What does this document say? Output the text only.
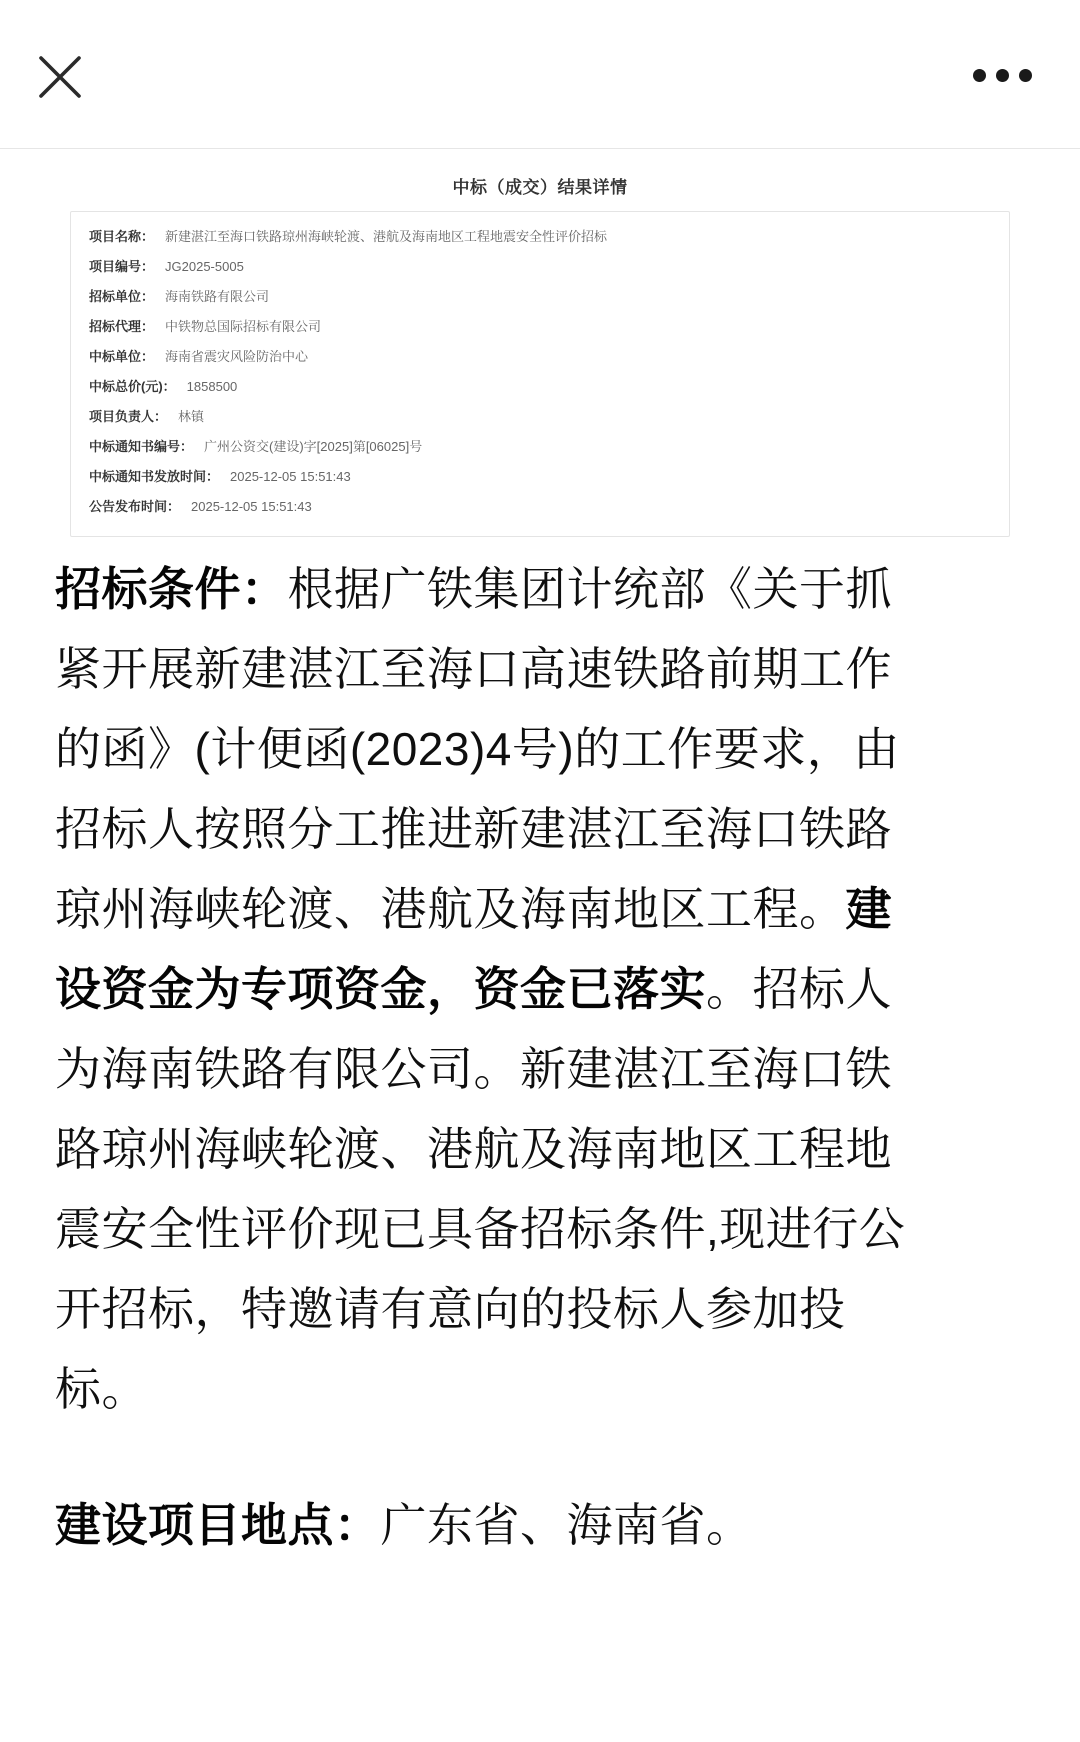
中标（成交）结果详情
项目名称： 新建湛江至海口铁路琼州海峡轮渡、港航及海南地区工程地震安全性评价招标
项目编号： JG2025-5005
招标单位： 海南铁路有限公司
招标代理： 中铁物总国际招标有限公司
中标单位： 海南省震灾风险防治中心
中标总价(元)： 1858500
项目负责人： 林镇
中标通知书编号： 广州公资交(建设)字[2025]第[06025]号
中标通知书发放时间： 2025-12-05 15:51:43
公告发布时间： 2025-12-05 15:51:43

招标条件：根据广铁集团计统部《关于抓紧开展新建湛江至海口高速铁路前期工作的函》(计便函(2023)4号)的工作要求，由招标人按照分工推进新建湛江至海口铁路琼州海峡轮渡、港航及海南地区工程。建设资金为专项资金，资金已落实。招标人为海南铁路有限公司。新建湛江至海口铁路琼州海峡轮渡、港航及海南地区工程地震安全性评价现已具备招标条件,现进行公开招标，特邀请有意向的投标人参加投标。

建设项目地点：广东省、海南省。
